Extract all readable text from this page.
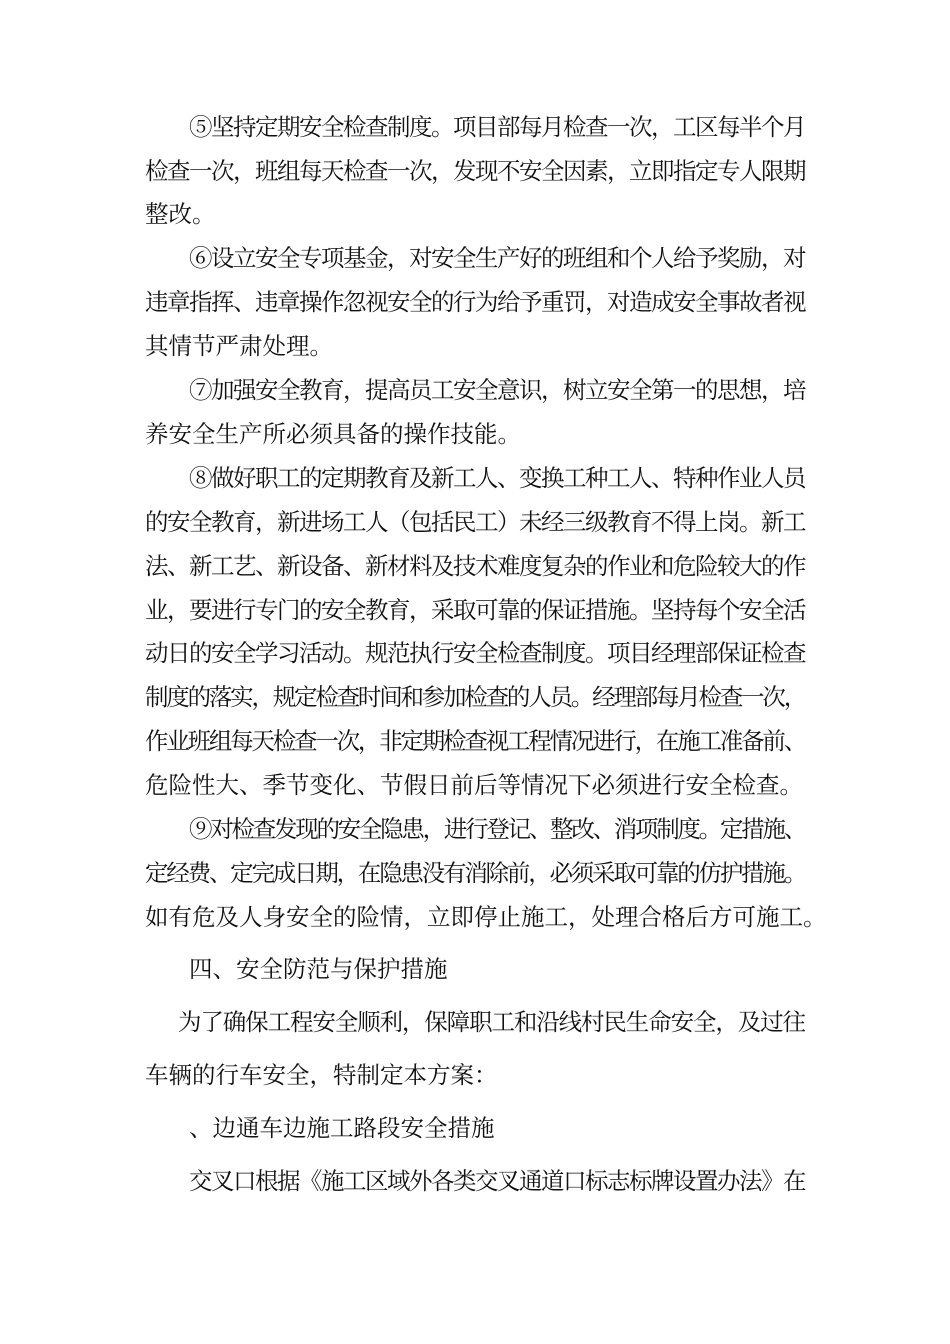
⑤坚持定期安全检查制度。项目部每月检查一次，工区每半个月

检查一次，班组每天检查一次，发现不安全因素，立即指定专人限期

整改。

⑥设立安全专项基金，对安全生产好的班组和个人给予奖励，对

违章指挥、违章操作忽视安全的行为给予重罚，对造成安全事故者视

其情节严肃处理。

⑦加强安全教育，提高员工安全意识，树立安全第一的思想，培

养安全生产所必须具备的操作技能。

⑧做好职工的定期教育及新工人、变换工种工人、特种作业人员

的安全教育，新进场工人（包括民工）未经三级教育不得上岗。新工

法、新工艺、新设备、新材料及技术难度复杂的作业和危险较大的作

业，要进行专门的安全教育，采取可靠的保证措施。坚持每个安全活

动日的安全学习活动。规范执行安全检查制度。项目经理部保证检查

制度的落实，规定检查时间和参加检查的人员。经理部每月检查一次，

作业班组每天检查一次，非定期检查视工程情况进行，在施工准备前、

危险性大、季节变化、节假日前后等情况下必须进行安全检查。

⑨对检查发现的安全隐患，进行登记、整改、消项制度。定措施、

定经费、定完成日期，在隐患没有消除前，必须采取可靠的仿护措施。

如有危及人身安全的险情，立即停止施工，处理合格后方可施工。

四、安全防范与保护措施

为了确保工程安全顺利，保障职工和沿线村民生命安全，及过往

车辆的行车安全，特制定本方案：

、边通车边施工路段安全措施

交叉口根据《施工区域外各类交叉通道口标志标牌设置办法》在
